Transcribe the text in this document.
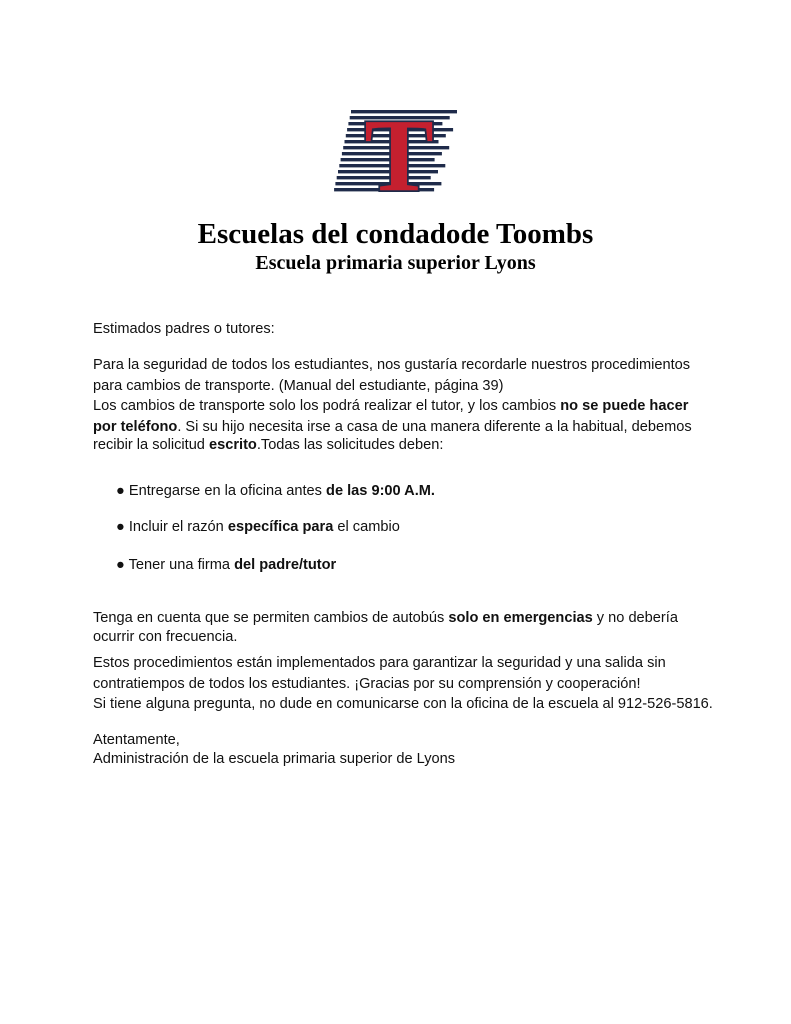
T
Escuelas del condadode Toombs
Escuela primaria superior Lyons

Estimados padres o tutores:

Para la seguridad de todos los estudiantes, nos gustaría recordarle nuestros procedimientos

para cambios de transporte. (Manual del estudiante, página 39)

Los cambios de transporte solo los podrá realizar el tutor, y los cambios no se puede hacer

por teléfono. Si su hijo necesita irse a casa de una manera diferente a la habitual, debemos

recibir la solicitud escrito.Todas las solicitudes deben:

● Entregarse en la oficina antes de las 9:00 A.M.

● Incluir el razón específica para el cambio

● Tener una firma del padre/tutor

Tenga en cuenta que se permiten cambios de autobús solo en emergencias y no debería

ocurrir con frecuencia.

Estos procedimientos están implementados para garantizar la seguridad y una salida sin

contratiempos de todos los estudiantes. ¡Gracias por su comprensión y cooperación!

Si tiene alguna pregunta, no dude en comunicarse con la oficina de la escuela al 912-526-5816.

Atentamente,

Administración de la escuela primaria superior de Lyons
